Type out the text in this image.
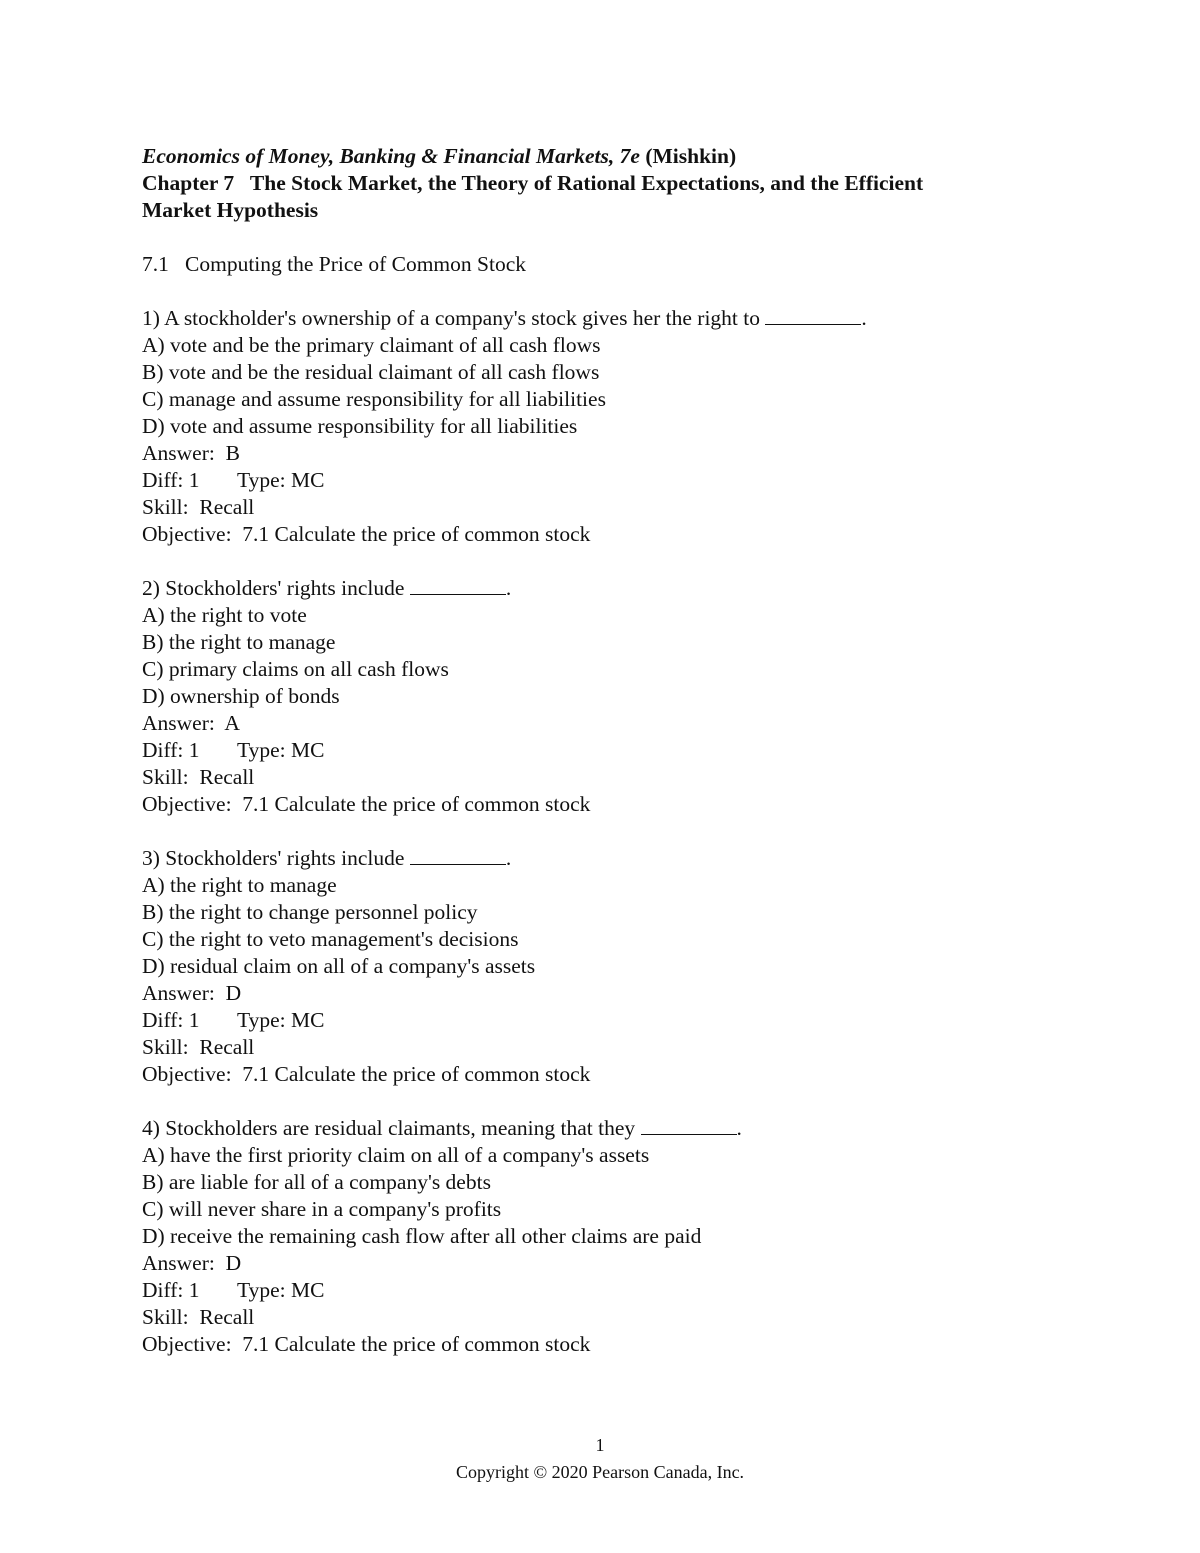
Economics of Money, Banking & Financial Markets, 7e (Mishkin)
Chapter 7   The Stock Market, the Theory of Rational Expectations, and the Efficient
Market Hypothesis
7.1   Computing the Price of Common Stock
1) A stockholder's ownership of a company's stock gives her the right to	.
A) vote and be the primary claimant of all cash flows
B) vote and be the residual claimant of all cash flows
C) manage and assume responsibility for all liabilities
D) vote and assume responsibility for all liabilities
Answer:  B
Diff: 1 Type: MC
Skill:  Recall
Objective:  7.1 Calculate the price of common stock
2) Stockholders' rights include	.
A) the right to vote
B) the right to manage
C) primary claims on all cash flows
D) ownership of bonds
Answer:  A
Diff: 1 Type: MC
Skill:  Recall
Objective:  7.1 Calculate the price of common stock
3) Stockholders' rights include	.
A) the right to manage
B) the right to change personnel policy
C) the right to veto management's decisions
D) residual claim on all of a company's assets
Answer:  D
Diff: 1 Type: MC
Skill:  Recall
Objective:  7.1 Calculate the price of common stock
4) Stockholders are residual claimants, meaning that they	.
A) have the first priority claim on all of a company's assets
B) are liable for all of a company's debts
C) will never share in a company's profits
D) receive the remaining cash flow after all other claims are paid
Answer:  D
Diff: 1 Type: MC
Skill:  Recall
Objective:  7.1 Calculate the price of common stock
1
Copyright © 2020 Pearson Canada, Inc.
